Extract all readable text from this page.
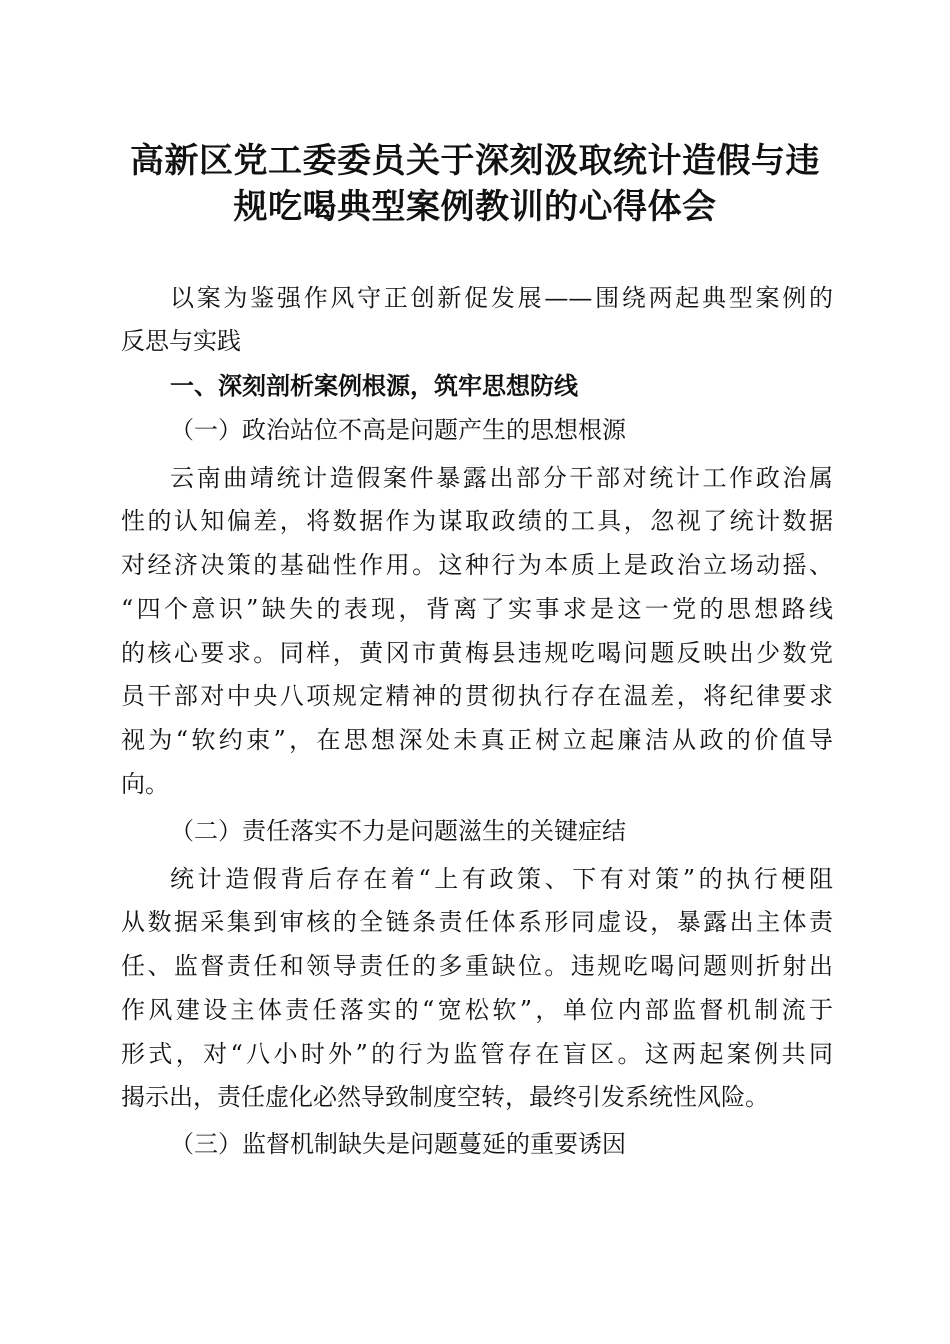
高新区党工委委员关于深刻汲取统计造假与违
规吃喝典型案例教训的心得体会

以案为鉴强作风守正创新促发展——围绕两起典型案例的

反思与实践

一、深刻剖析案例根源，筑牢思想防线

（一）政治站位不高是问题产生的思想根源

云南曲靖统计造假案件暴露出部分干部对统计工作政治属

性的认知偏差，将数据作为谋取政绩的工具，忽视了统计数据

对经济决策的基础性作用。这种行为本质上是政治立场动摇、

“四个意识”缺失的表现，背离了实事求是这一党的思想路线

的核心要求。同样，黄冈市黄梅县违规吃喝问题反映出少数党

员干部对中央八项规定精神的贯彻执行存在温差，将纪律要求

视为“软约束”，在思想深处未真正树立起廉洁从政的价值导

向。

（二）责任落实不力是问题滋生的关键症结

统计造假背后存在着“上有政策、下有对策”的执行梗阻

从数据采集到审核的全链条责任体系形同虚设，暴露出主体责

任、监督责任和领导责任的多重缺位。违规吃喝问题则折射出

作风建设主体责任落实的“宽松软”，单位内部监督机制流于

形式，对“八小时外”的行为监管存在盲区。这两起案例共同

揭示出，责任虚化必然导致制度空转，最终引发系统性风险。

（三）监督机制缺失是问题蔓延的重要诱因
